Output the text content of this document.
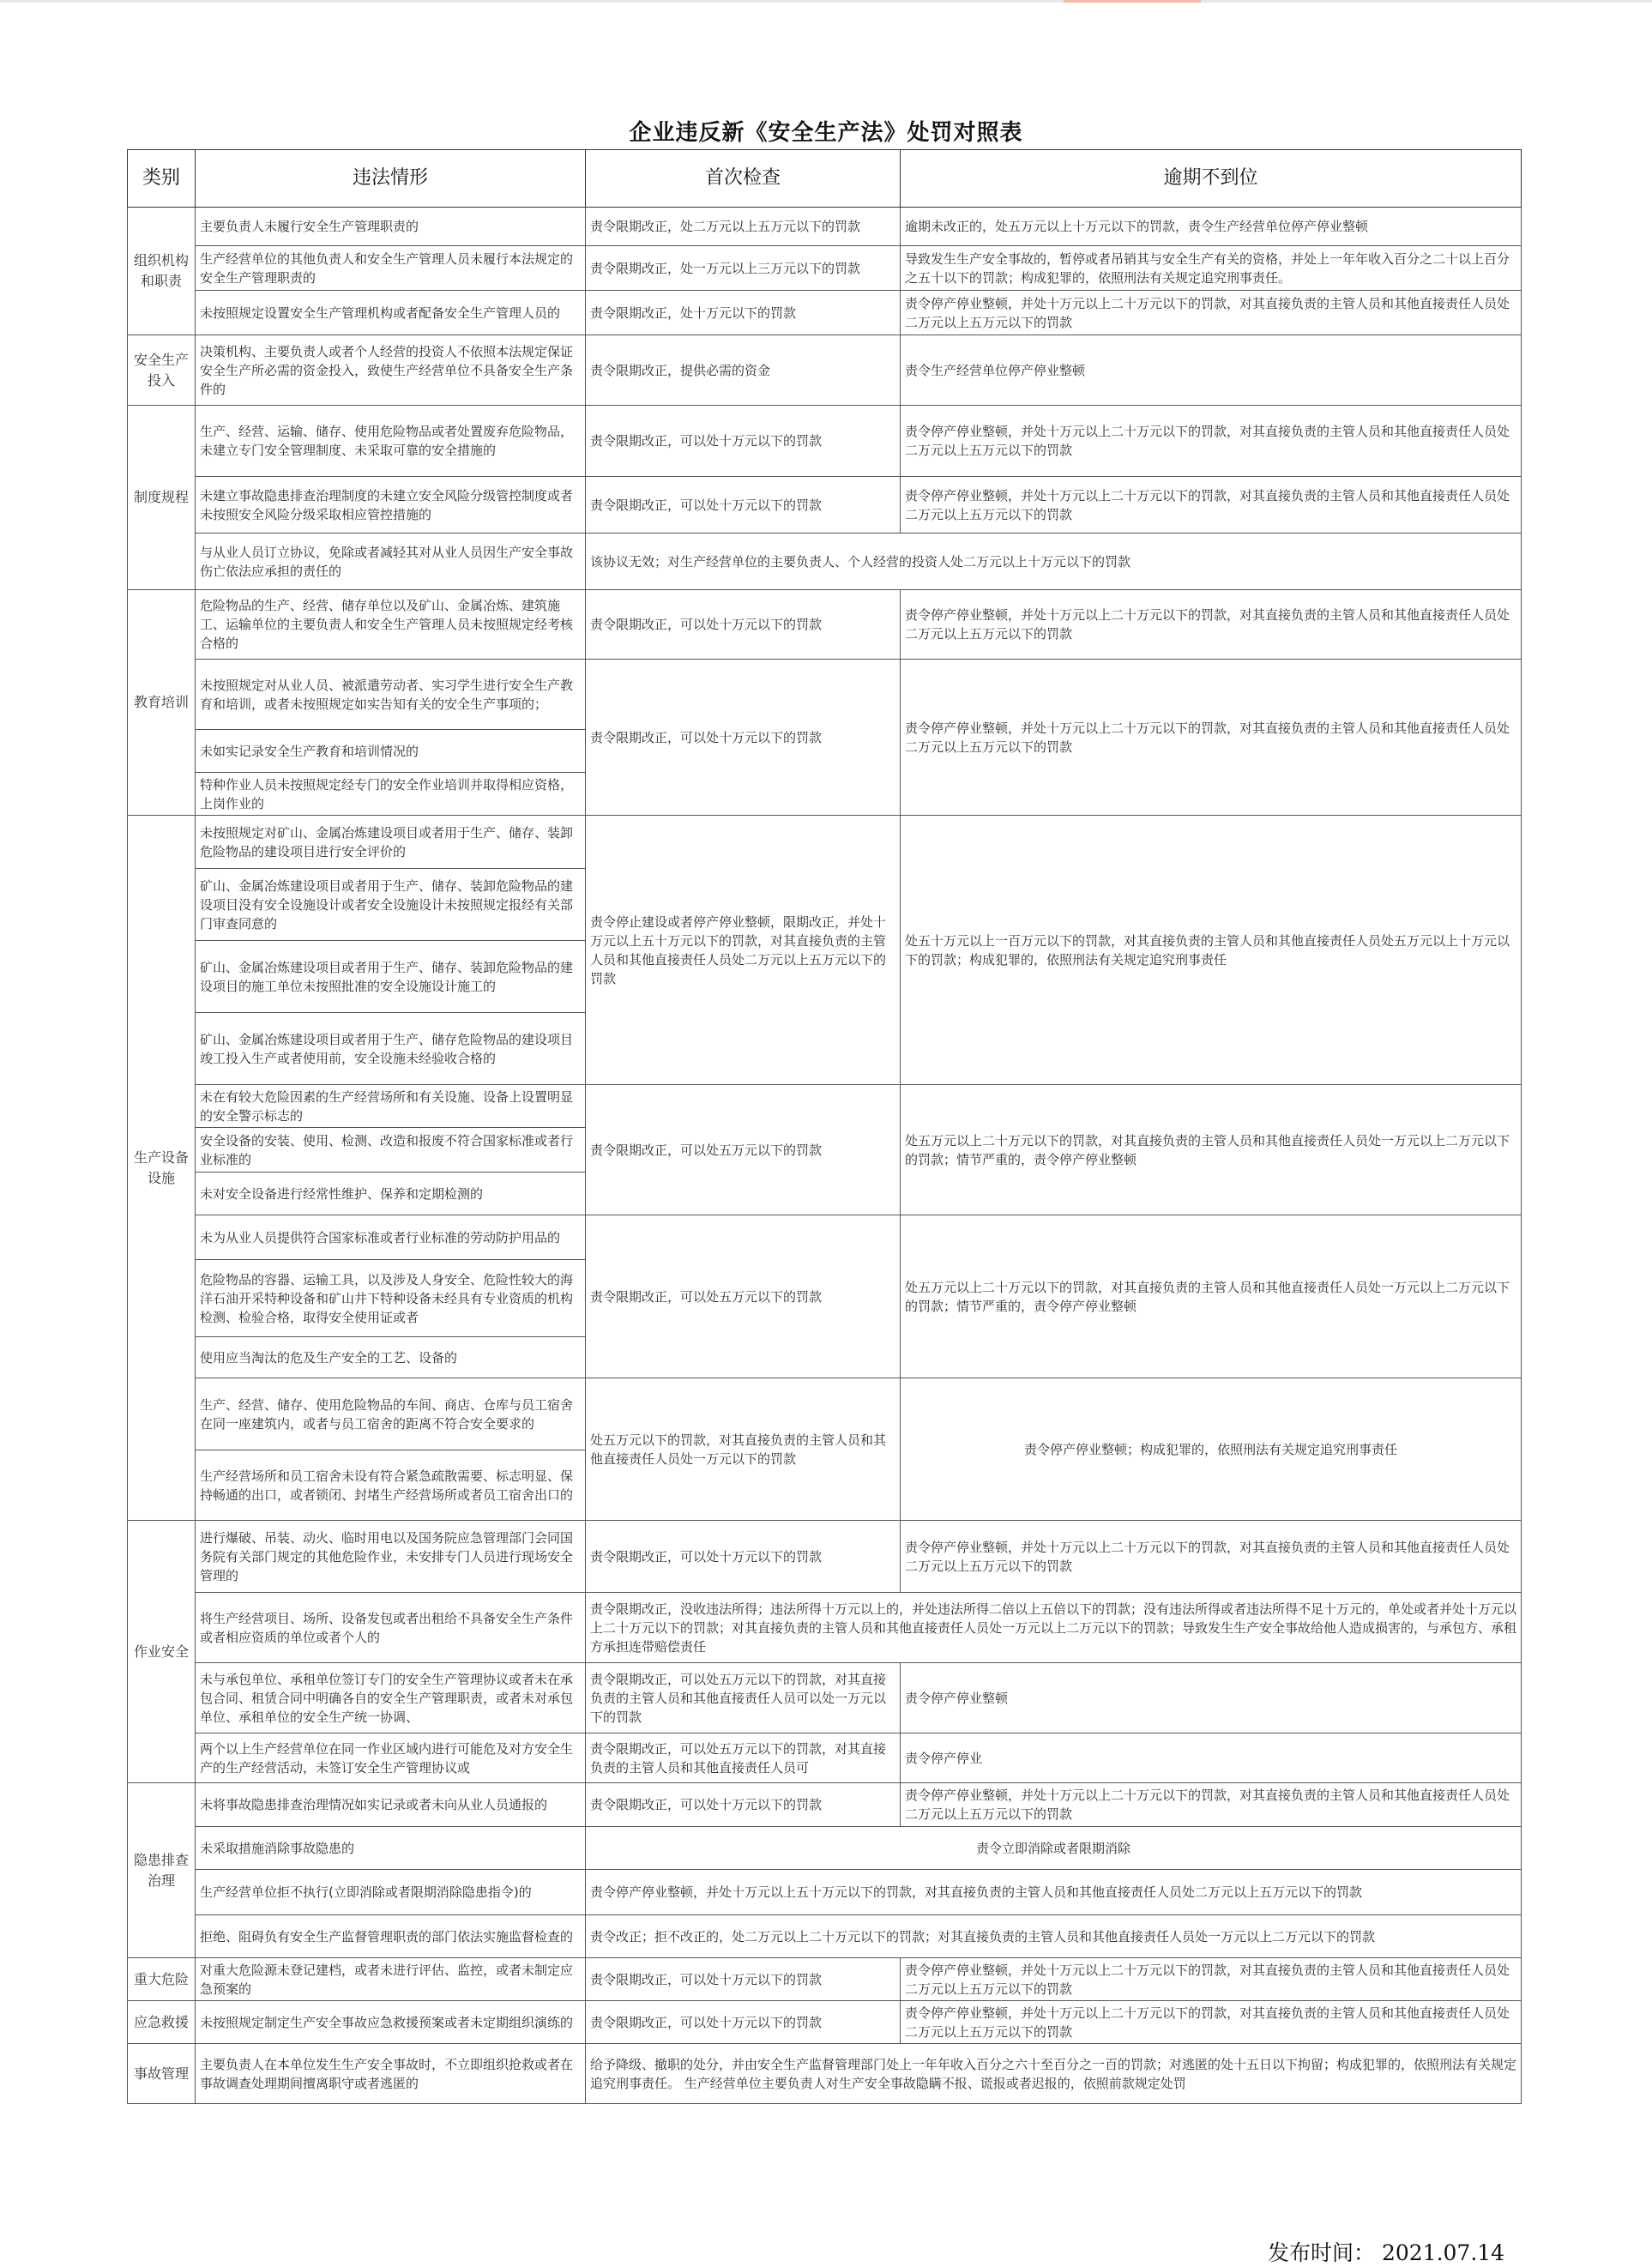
企业违反新《安全生产法》处罚对照表
类别	违法情形	首次检查	逾期不到位
组织机构和职责	主要负责人未履行安全生产管理职责的	责令限期改正，处二万元以上五万元以下的罚款	逾期未改正的，处五万元以上十万元以下的罚款，责令生产经营单位停产停业整顿
	生产经营单位的其他负责人和安全生产管理人员未履行本法规定的安全生产管理职责的	责令限期改正，处一万元以上三万元以下的罚款	导致发生生产安全事故的，暂停或者吊销其与安全生产有关的资格，并处上一年年收入百分之二十以上百分之五十以下的罚款；构成犯罪的，依照刑法有关规定追究刑事责任。
	未按照规定设置安全生产管理机构或者配备安全生产管理人员的	责令限期改正，处十万元以下的罚款	责令停产停业整顿，并处十万元以上二十万元以下的罚款，对其直接负责的主管人员和其他直接责任人员处二万元以上五万元以下的罚款
安全生产投入	决策机构、主要负责人或者个人经营的投资人不依照本法规定保证安全生产所必需的资金投入，致使生产经营单位不具备安全生产条件的	责令限期改正，提供必需的资金	责令生产经营单位停产停业整顿
制度规程	生产、经营、运输、储存、使用危险物品或者处置废弃危险物品，未建立专门安全管理制度、未采取可靠的安全措施的	责令限期改正，可以处十万元以下的罚款	责令停产停业整顿，并处十万元以上二十万元以下的罚款，对其直接负责的主管人员和其他直接责任人员处二万元以上五万元以下的罚款
	未建立事故隐患排查治理制度的未建立安全风险分级管控制度或者未按照安全风险分级采取相应管控措施的	责令限期改正，可以处十万元以下的罚款	责令停产停业整顿，并处十万元以上二十万元以下的罚款，对其直接负责的主管人员和其他直接责任人员处二万元以上五万元以下的罚款
	与从业人员订立协议，免除或者减轻其对从业人员因生产安全事故伤亡依法应承担的责任的	该协议无效；对生产经营单位的主要负责人、个人经营的投资人处二万元以上十万元以下的罚款	
教育培训	危险物品的生产、经营、储存单位以及矿山、金属冶炼、建筑施工、运输单位的主要负责人和安全生产管理人员未按照规定经考核合格的	责令限期改正，可以处十万元以下的罚款	责令停产停业整顿，并处十万元以上二十万元以下的罚款，对其直接负责的主管人员和其他直接责任人员处二万元以上五万元以下的罚款
	未按照规定对从业人员、被派遣劳动者、实习学生进行安全生产教育和培训，或者未按照规定如实告知有关的安全生产事项的；	责令限期改正，可以处十万元以下的罚款	责令停产停业整顿，并处十万元以上二十万元以下的罚款，对其直接负责的主管人员和其他直接责任人员处二万元以上五万元以下的罚款
	未如实记录安全生产教育和培训情况的		
	特种作业人员未按照规定经专门的安全作业培训并取得相应资格，上岗作业的		
生产设备设施	未按照规定对矿山、金属冶炼建设项目或者用于生产、储存、装卸危险物品的建设项目进行安全评价的	责令停止建设或者停产停业整顿，限期改正，并处十万元以上五十万元以下的罚款，对其直接负责的主管人员和其他直接责任人员处二万元以上五万元以下的罚款	处五十万元以上一百万元以下的罚款，对其直接负责的主管人员和其他直接责任人员处五万元以上十万元以下的罚款；构成犯罪的，依照刑法有关规定追究刑事责任
	矿山、金属冶炼建设项目或者用于生产、储存、装卸危险物品的建设项目没有安全设施设计或者安全设施设计未按照规定报经有关部门审查同意的		
	矿山、金属冶炼建设项目或者用于生产、储存、装卸危险物品的建设项目的施工单位未按照批准的安全设施设计施工的		
	矿山、金属冶炼建设项目或者用于生产、储存危险物品的建设项目竣工投入生产或者使用前，安全设施未经验收合格的		
	未在有较大危险因素的生产经营场所和有关设施、设备上设置明显的安全警示标志的	责令限期改正，可以处五万元以下的罚款	处五万元以上二十万元以下的罚款，对其直接负责的主管人员和其他直接责任人员处一万元以上二万元以下的罚款；情节严重的，责令停产停业整顿
	安全设备的安装、使用、检测、改造和报废不符合国家标准或者行业标准的		
	未对安全设备进行经常性维护、保养和定期检测的		
	未为从业人员提供符合国家标准或者行业标准的劳动防护用品的	责令限期改正，可以处五万元以下的罚款	处五万元以上二十万元以下的罚款，对其直接负责的主管人员和其他直接责任人员处一万元以上二万元以下的罚款；情节严重的，责令停产停业整顿
	危险物品的容器、运输工具，以及涉及人身安全、危险性较大的海洋石油开采特种设备和矿山井下特种设备未经具有专业资质的机构检测、检验合格，取得安全使用证或者		
	使用应当淘汰的危及生产安全的工艺、设备的		
	生产、经营、储存、使用危险物品的车间、商店、仓库与员工宿舍在同一座建筑内，或者与员工宿舍的距离不符合安全要求的	处五万元以下的罚款，对其直接负责的主管人员和其他直接责任人员处一万元以下的罚款	责令停产停业整顿；构成犯罪的，依照刑法有关规定追究刑事责任
	生产经营场所和员工宿舍未设有符合紧急疏散需要、标志明显、保持畅通的出口，或者锁闭、封堵生产经营场所或者员工宿舍出口的		
作业安全	进行爆破、吊装、动火、临时用电以及国务院应急管理部门会同国务院有关部门规定的其他危险作业，未安排专门人员进行现场安全管理的	责令限期改正，可以处十万元以下的罚款	责令停产停业整顿，并处十万元以上二十万元以下的罚款，对其直接负责的主管人员和其他直接责任人员处二万元以上五万元以下的罚款
	将生产经营项目、场所、设备发包或者出租给不具备安全生产条件或者相应资质的单位或者个人的	责令限期改正，没收违法所得；违法所得十万元以上的，并处违法所得二倍以上五倍以下的罚款；没有违法所得或者违法所得不足十万元的，单处或者并处十万元以上二十万元以下的罚款；对其直接负责的主管人员和其他直接责任人员处一万元以上二万元以下的罚款；导致发生生产安全事故给他人造成损害的，与承包方、承租方承担连带赔偿责任	
	未与承包单位、承租单位签订专门的安全生产管理协议或者未在承包合同、租赁合同中明确各自的安全生产管理职责，或者未对承包单位、承租单位的安全生产统一协调、	责令限期改正，可以处五万元以下的罚款，对其直接负责的主管人员和其他直接责任人员可以处一万元以下的罚款	责令停产停业整顿
	两个以上生产经营单位在同一作业区域内进行可能危及对方安全生产的生产经营活动，未签订安全生产管理协议或	责令限期改正，可以处五万元以下的罚款，对其直接负责的主管人员和其他直接责任人员可	责令停产停业
隐患排查治理	未将事故隐患排查治理情况如实记录或者未向从业人员通报的	责令限期改正，可以处十万元以下的罚款	责令停产停业整顿，并处十万元以上二十万元以下的罚款，对其直接负责的主管人员和其他直接责任人员处二万元以上五万元以下的罚款
	未采取措施消除事故隐患的	责令立即消除或者限期消除	
	生产经营单位拒不执行(立即消除或者限期消除隐患指令)的	责令停产停业整顿，并处十万元以上五十万元以下的罚款，对其直接负责的主管人员和其他直接责任人员处二万元以上五万元以下的罚款	
	拒绝、阻碍负有安全生产监督管理职责的部门依法实施监督检查的	责令改正；拒不改正的，处二万元以上二十万元以下的罚款；对其直接负责的主管人员和其他直接责任人员处一万元以上二万元以下的罚款	
重大危险	对重大危险源未登记建档，或者未进行评估、监控，或者未制定应急预案的	责令限期改正，可以处十万元以下的罚款	责令停产停业整顿，并处十万元以上二十万元以下的罚款，对其直接负责的主管人员和其他直接责任人员处二万元以上五万元以下的罚款
应急救援	未按照规定制定生产安全事故应急救援预案或者未定期组织演练的	责令限期改正，可以处十万元以下的罚款	责令停产停业整顿，并处十万元以上二十万元以下的罚款，对其直接负责的主管人员和其他直接责任人员处二万元以上五万元以下的罚款
事故管理	主要负责人在本单位发生生产安全事故时，不立即组织抢救或者在事故调查处理期间擅离职守或者逃匿的	给予降级、撤职的处分，并由安全生产监督管理部门处上一年年收入百分之六十至百分之一百的罚款；对逃匿的处十五日以下拘留；构成犯罪的，依照刑法有关规定追究刑事责任。 生产经营单位主要负责人对生产安全事故隐瞒不报、谎报或者迟报的，依照前款规定处罚	
发布时间： 2021.07.14
